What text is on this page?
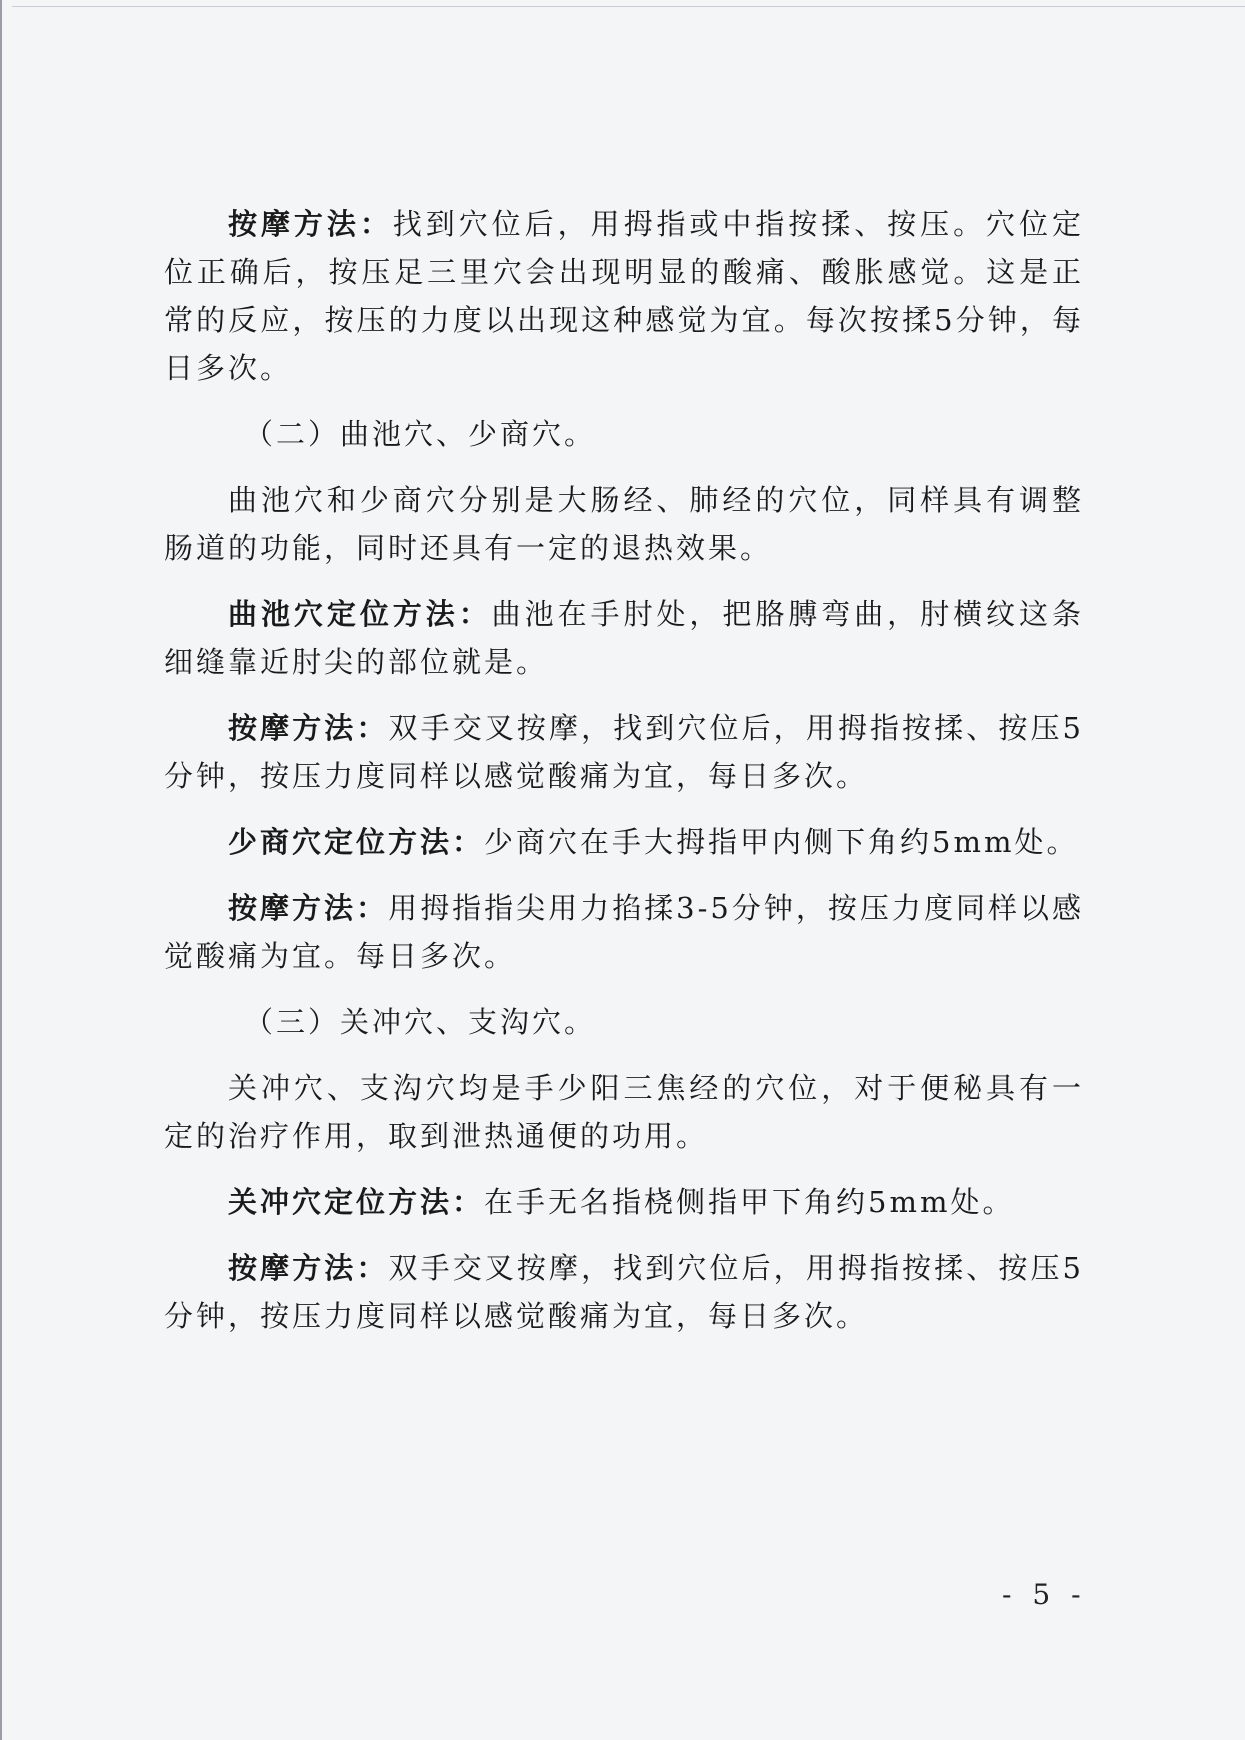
按摩方法：找到穴位后，用拇指或中指按揉、按压。穴位定位正确后，按压足三里穴会出现明显的酸痛、酸胀感觉。这是正常的反应，按压的力度以出现这种感觉为宜。每次按揉5分钟，每日多次。

（二）曲池穴、少商穴。

曲池穴和少商穴分别是大肠经、肺经的穴位，同样具有调整肠道的功能，同时还具有一定的退热效果。

曲池穴定位方法：曲池在手肘处，把胳膊弯曲，肘横纹这条细缝靠近肘尖的部位就是。

按摩方法：双手交叉按摩，找到穴位后，用拇指按揉、按压5分钟，按压力度同样以感觉酸痛为宜，每日多次。

少商穴定位方法：少商穴在手大拇指甲内侧下角约5mm处。

按摩方法：用拇指指尖用力掐揉3-5分钟，按压力度同样以感觉酸痛为宜。每日多次。

（三）关冲穴、支沟穴。

关冲穴、支沟穴均是手少阳三焦经的穴位，对于便秘具有一定的治疗作用，取到泄热通便的功用。

关冲穴定位方法：在手无名指桡侧指甲下角约5mm处。

按摩方法：双手交叉按摩，找到穴位后，用拇指按揉、按压5分钟，按压力度同样以感觉酸痛为宜，每日多次。

- 5 -
